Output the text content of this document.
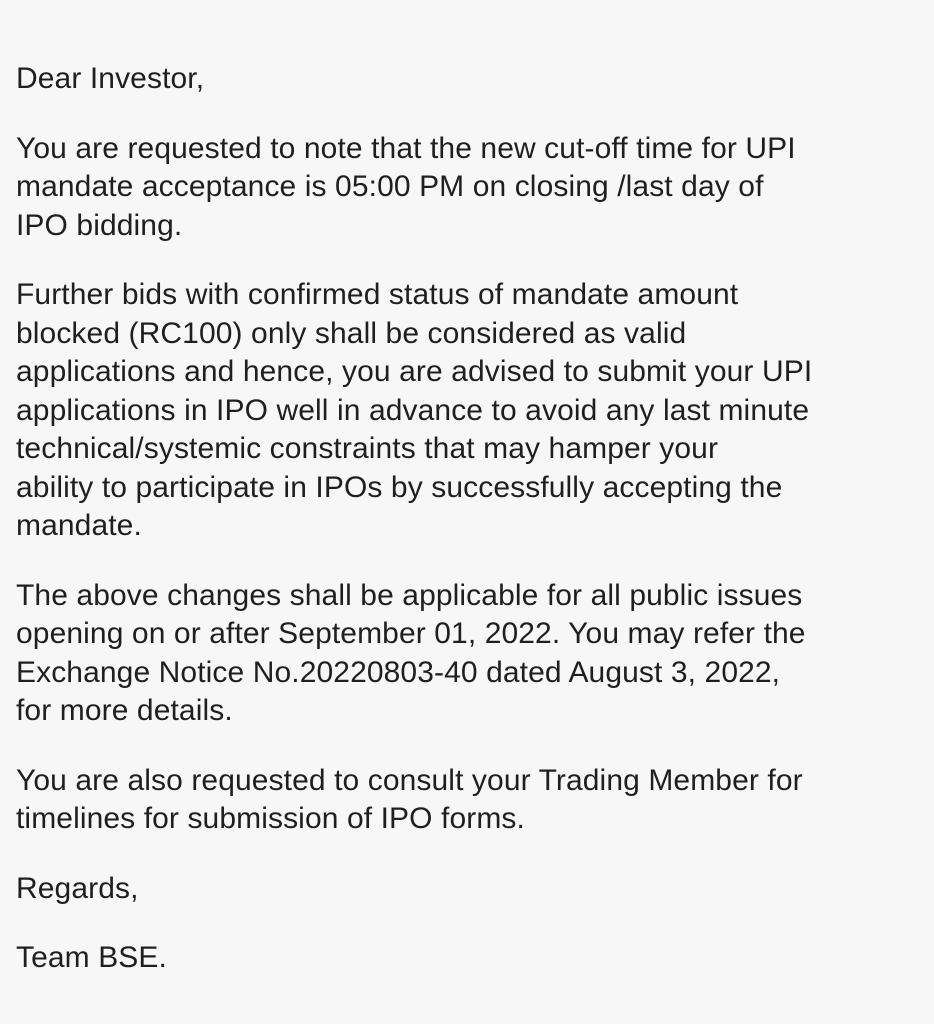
Dear Investor,

You are requested to note that the new cut-off time for UPI

mandate acceptance is 05:00 PM on closing /last day of

IPO bidding.

Further bids with confirmed status of mandate amount

blocked (RC100) only shall be considered as valid

applications and hence, you are advised to submit your UPI

applications in IPO well in advance to avoid any last minute

technical/systemic constraints that may hamper your

ability to participate in IPOs by successfully accepting the

mandate.

The above changes shall be applicable for all public issues

opening on or after September 01, 2022. You may refer the

Exchange Notice No.20220803-40 dated August 3, 2022,

for more details.

You are also requested to consult your Trading Member for

timelines for submission of IPO forms.

Regards,

Team BSE.
